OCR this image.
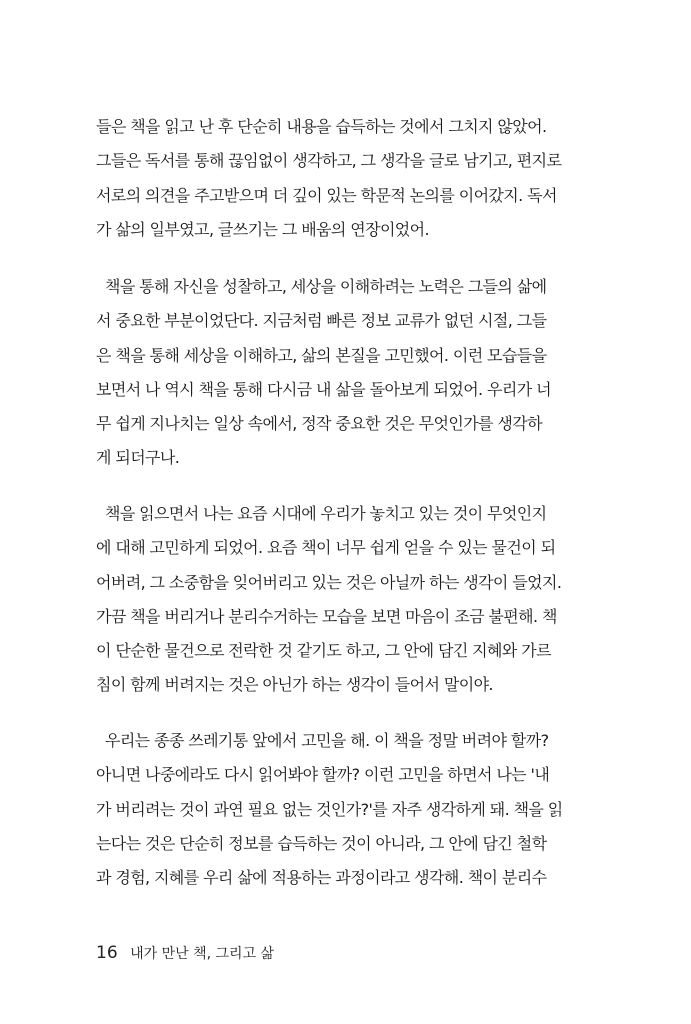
들은 책을 읽고 난 후 단순히 내용을 습득하는 것에서 그치지 않았어.
그들은 독서를 통해 끊임없이 생각하고, 그 생각을 글로 남기고, 편지로
서로의 의견을 주고받으며 더 깊이 있는 학문적 논의를 이어갔지. 독서
가 삶의 일부였고, 글쓰기는 그 배움의 연장이었어.
책을 통해 자신을 성찰하고, 세상을 이해하려는 노력은 그들의 삶에
서 중요한 부분이었단다. 지금처럼 빠른 정보 교류가 없던 시절, 그들
은 책을 통해 세상을 이해하고, 삶의 본질을 고민했어. 이런 모습들을
보면서 나 역시 책을 통해 다시금 내 삶을 돌아보게 되었어. 우리가 너
무 쉽게 지나치는 일상 속에서, 정작 중요한 것은 무엇인가를 생각하
게 되더구나.
책을 읽으면서 나는 요즘 시대에 우리가 놓치고 있는 것이 무엇인지
에 대해 고민하게 되었어. 요즘 책이 너무 쉽게 얻을 수 있는 물건이 되
어버려, 그 소중함을 잊어버리고 있는 것은 아닐까 하는 생각이 들었지.
가끔 책을 버리거나 분리수거하는 모습을 보면 마음이 조금 불편해. 책
이 단순한 물건으로 전락한 것 같기도 하고, 그 안에 담긴 지혜와 가르
침이 함께 버려지는 것은 아닌가 하는 생각이 들어서 말이야.
우리는 종종 쓰레기통 앞에서 고민을 해. 이 책을 정말 버려야 할까?
아니면 나중에라도 다시 읽어봐야 할까? 이런 고민을 하면서 나는 '내
가 버리려는 것이 과연 필요 없는 것인가?'를 자주 생각하게 돼. 책을 읽
는다는 것은 단순히 정보를 습득하는 것이 아니라, 그 안에 담긴 철학
과 경험, 지혜를 우리 삶에 적용하는 과정이라고 생각해. 책이 분리수
16 내가 만난 책, 그리고 삶
